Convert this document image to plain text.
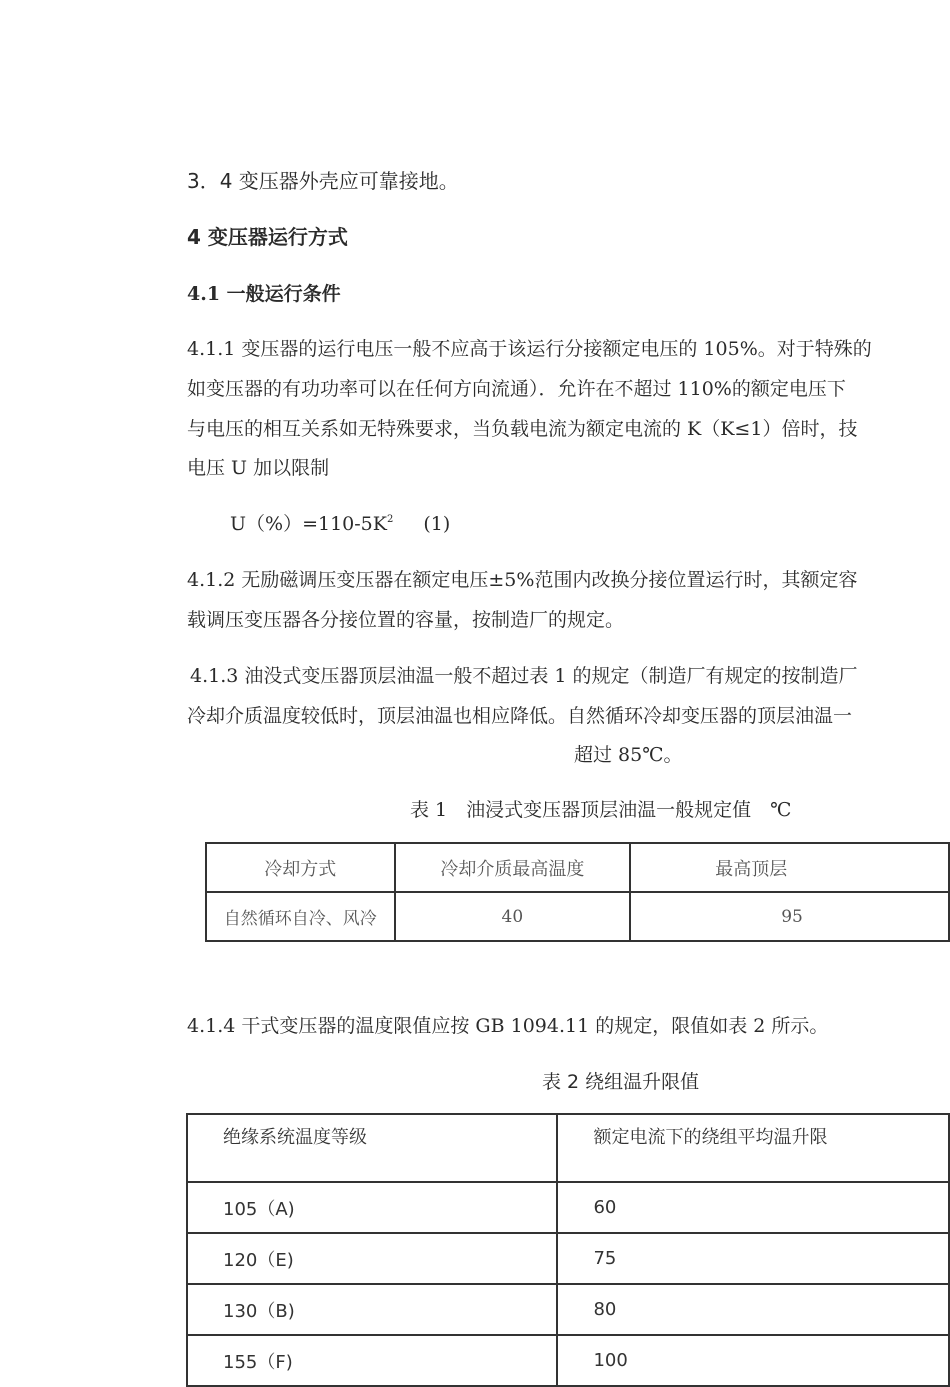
3．4 变压器外壳应可靠接地。
4 变压器运行方式
4.1 一般运行条件
4.1.1 变压器的运行电压一般不应高于该运行分接额定电压的 105%。对于特殊的
如变压器的有功功率可以在任何方向流通）．允许在不超过 110%的额定电压下
与电压的相互关系如无特殊要求，当负载电流为额定电流的 K（K≤1）倍时，技
电压 U 加以限制
$U(\%)=110-5K^2$ (1)
4.1.2 无励磁调压变压器在额定电压±5%范围内改换分接位置运行时，其额定容
载调压变压器各分接位置的容量，按制造厂的规定。
4.1.3 油没式变压器顶层油温一般不超过表 1 的规定（制造厂有规定的按制造厂
冷却介质温度较低时，顶层油温也相应降低。自然循环冷却变压器的顶层油温一
超过 85℃。
表 1　油浸式变压器顶层油温一般规定值　℃
冷却方式	冷却介质最高温度	最高顶层
自然循环自冷、风冷	40	95
4.1.4 干式变压器的温度限值应按 GB 1094.11 的规定，限值如表 2 所示。
表 2 绕组温升限值
绝缘系统温度等级	额定电流下的绕组平均温升限
105（A)	60
120（E)	75
130（B)	80
155（F)	100
